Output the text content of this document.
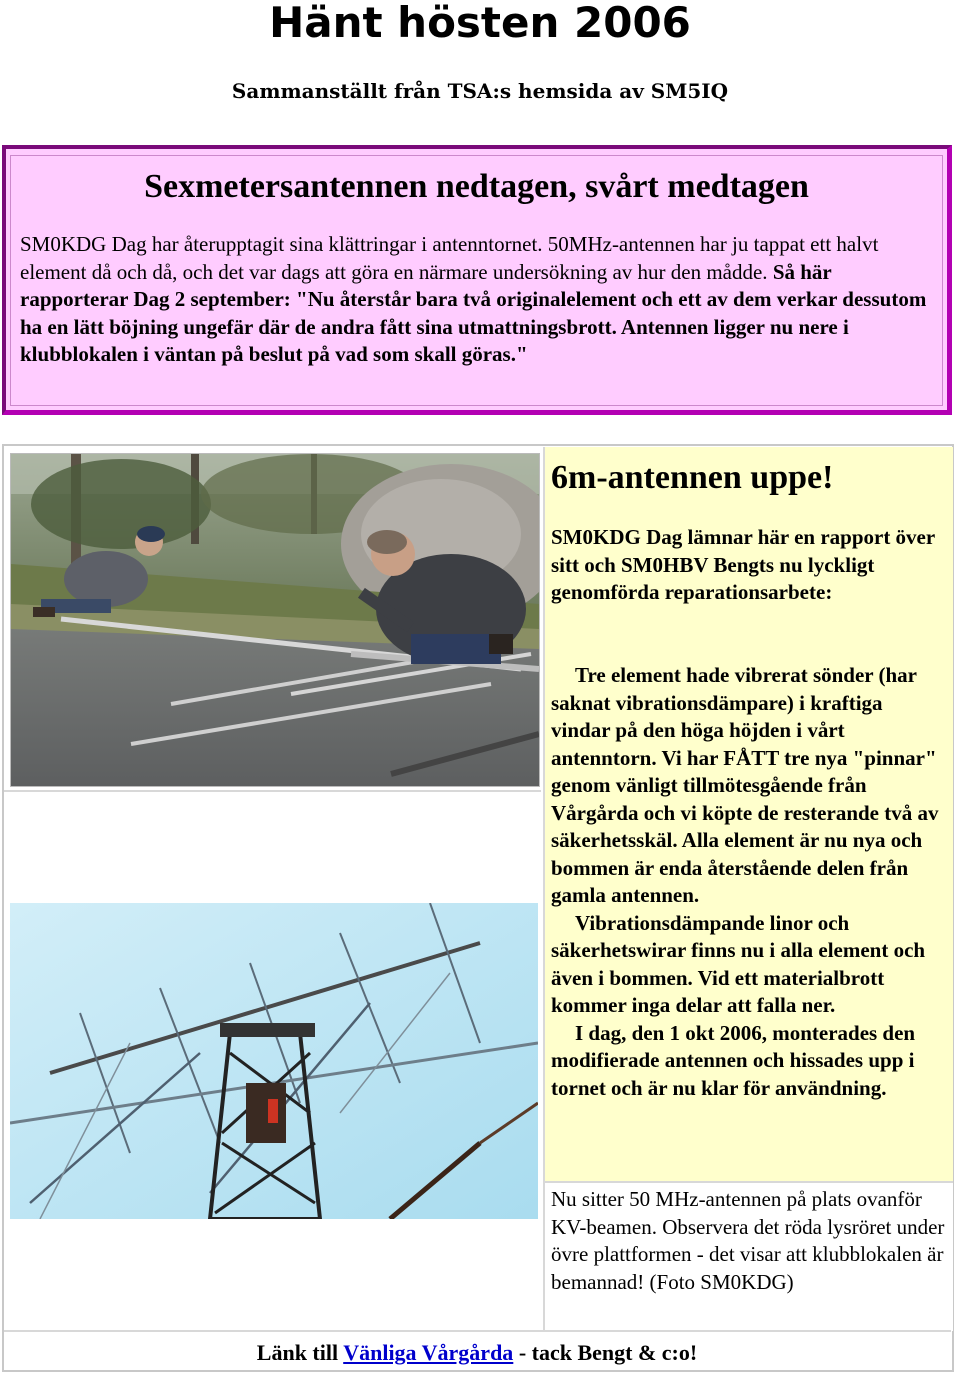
Hänt hösten 2006
Sammanställt från TSA:s hemsida av SM5IQ
Sexmetersantennen nedtagen, svårt medtagen
SM0KDG Dag har återupptagit sina klättringar i antenntornet. 50MHz-antennen har ju tappat ett halvt element då och då, och det var dags att göra en närmare undersökning av hur den mådde. Så här rapporterar Dag 2 september: "Nu återstår bara två originalelement och ett av dem verkar dessutom ha en lätt böjning ungefär där de andra fått sina utmattningsbrott. Antennen ligger nu nere i klubblokalen i väntan på beslut på vad som skall göras."
6m-antennen uppe!
SM0KDG Dag lämnar här en rapport över sitt och SM0HBV Bengts nu lyckligt genomförda reparationsarbete:

Tre element hade vibrerat sönder (har saknat vibrationsdämpare) i kraftiga vindar på den höga höjden i vårt antenntorn. Vi har FÅTT tre nya "pinnar" genom vänligt tillmötesgående från Vårgårda och vi köpte de resterande två av säkerhetsskäl. Alla element är nu nya och bommen är enda återstående delen från gamla antennen.

Vibrationsdämpande linor och säkerhetswirar finns nu i alla element och även i bommen. Vid ett materialbrott kommer inga delar att falla ner.

I dag, den 1 okt 2006, monterades den modifierade antennen och hissades upp i tornet och är nu klar för användning.

Nu sitter 50 MHz-antennen på plats ovanför KV-beamen. Observera det röda lysröret under övre plattformen - det visar att klubblokalen är bemannad! (Foto SM0KDG)
Länk till Vänliga Vårgårda - tack Bengt & c:o!
